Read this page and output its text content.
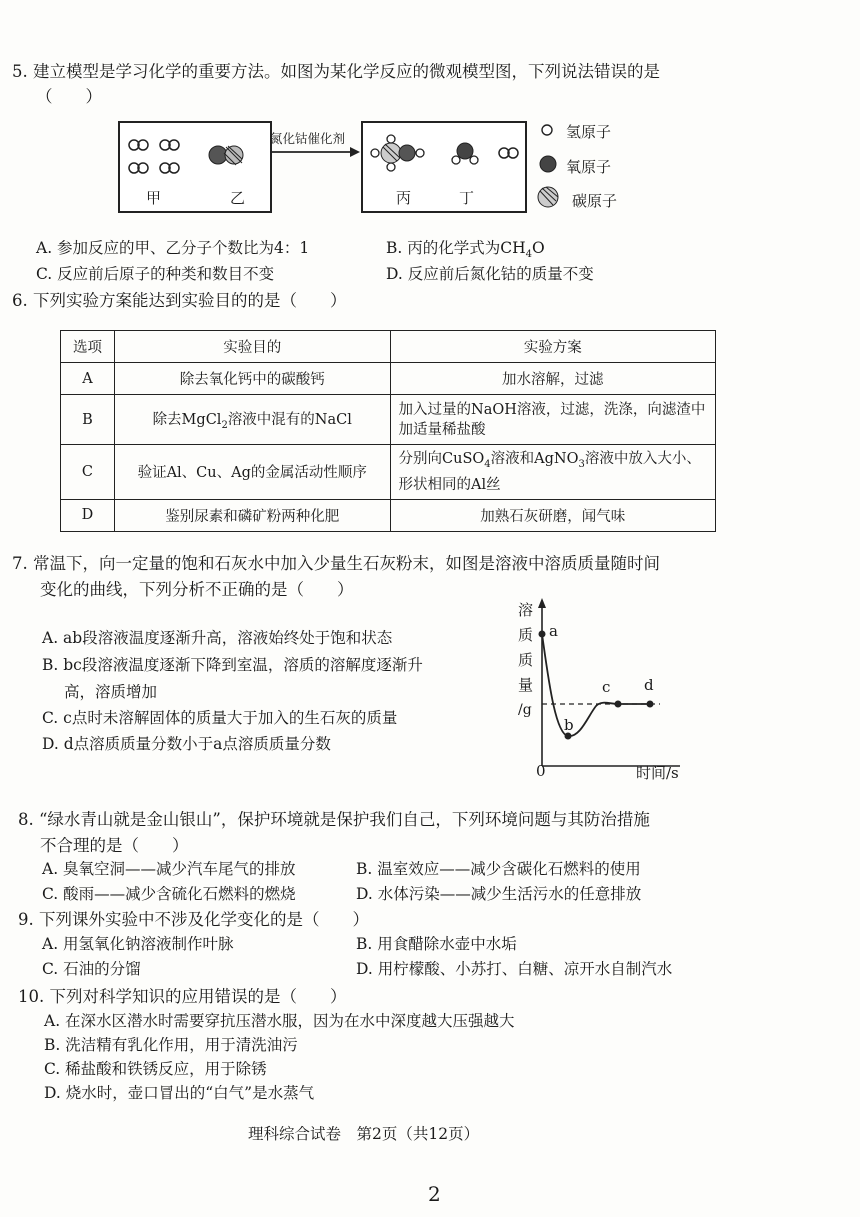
5. 建立模型是学习化学的重要方法。如图为某化学反应的微观模型图，下列说法错误的是
（　　）
甲	乙
氮化钴催化剂
丙	丁
氢原子
氧原子
碳原子
A. 参加反应的甲、乙分子个数比为4：1	B. 丙的化学式为$CH_4O$
C. 反应前后原子的种类和数目不变	D. 反应前后氮化钴的质量不变
6. 下列实验方案能达到实验目的的是（　　）
选项	实验目的	实验方案
A	除去氧化钙中的碳酸钙	加水溶解，过滤
B	除去MgCl$_2$溶液中混有的NaCl	加入过量的NaOH溶液，过滤，洗涤，向滤渣中加适量稀盐酸
C	验证Al、Cu、Ag的金属活动性顺序	分别向CuSO$_4$溶液和AgNO$_3$溶液中放入大小、形状相同的Al丝
D	鉴别尿素和磷矿粉两种化肥	加熟石灰研磨，闻气味
7. 常温下，向一定量的饱和石灰水中加入少量生石灰粉末，如图是溶液中溶质质量随时间
变化的曲线，下列分析不正确的是（　　）
A. ab段溶液温度逐渐升高，溶液始终处于饱和状态
B. bc段溶液温度逐渐下降到室温，溶质的溶解度逐渐升
高，溶质增加
C. c点时未溶解固体的质量大于加入的生石灰的质量
D. d点溶质质量分数小于a点溶质质量分数
溶
质
质
量
/g
a
b
c d
0	时间/s
8. “绿水青山就是金山银山”，保护环境就是保护我们自己，下列环境问题与其防治措施
不合理的是（　　）
A. 臭氧空洞——减少汽车尾气的排放	B. 温室效应——减少含碳化石燃料的使用
C. 酸雨——减少含硫化石燃料的燃烧	D. 水体污染——减少生活污水的任意排放
9. 下列课外实验中不涉及化学变化的是（　　）
A. 用氢氧化钠溶液制作叶脉	B. 用食醋除水壶中水垢
C. 石油的分馏	D. 用柠檬酸、小苏打、白糖、凉开水自制汽水
10. 下列对科学知识的应用错误的是（　　）
A. 在深水区潜水时需要穿抗压潜水服，因为在水中深度越大压强越大
B. 洗洁精有乳化作用，用于清洗油污
C. 稀盐酸和铁锈反应，用于除锈
D. 烧水时，壶口冒出的“白气”是水蒸气
理科综合试卷　第2页（共12页）
2
